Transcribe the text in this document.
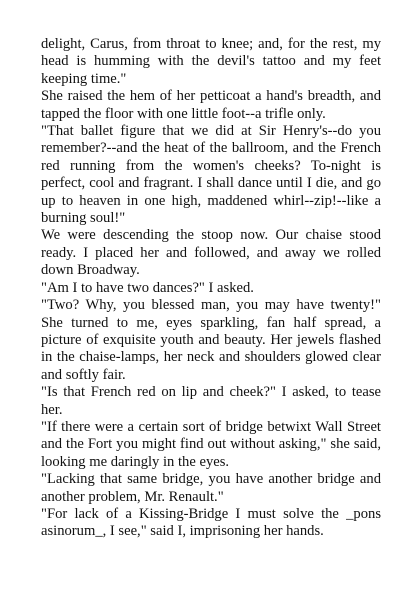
delight, Carus, from throat to knee; and, for the rest, my head is humming with the devil's tattoo and my feet keeping time."

She raised the hem of her petticoat a hand's breadth, and tapped the floor with one little foot--a trifle only.

"That ballet figure that we did at Sir Henry's--do you remember?--and the heat of the ballroom, and the French red running from the women's cheeks? To-night is perfect, cool and fragrant. I shall dance until I die, and go up to heaven in one high, maddened whirl--zip!--like a burning soul!"

We were descending the stoop now. Our chaise stood ready. I placed her and followed, and away we rolled down Broadway.

"Am I to have two dances?" I asked.

"Two? Why, you blessed man, you may have twenty!" She turned to me, eyes sparkling, fan half spread, a picture of exquisite youth and beauty. Her jewels flashed in the chaise-lamps, her neck and shoulders glowed clear and softly fair.

"Is that French red on lip and cheek?" I asked, to tease her.

"If there were a certain sort of bridge betwixt Wall Street and the Fort you might find out without asking," she said, looking me daringly in the eyes.

"Lacking that same bridge, you have another bridge and another problem, Mr. Renault."

"For lack of a Kissing-Bridge I must solve the _pons asinorum_, I see," said I, imprisoning her hands.
